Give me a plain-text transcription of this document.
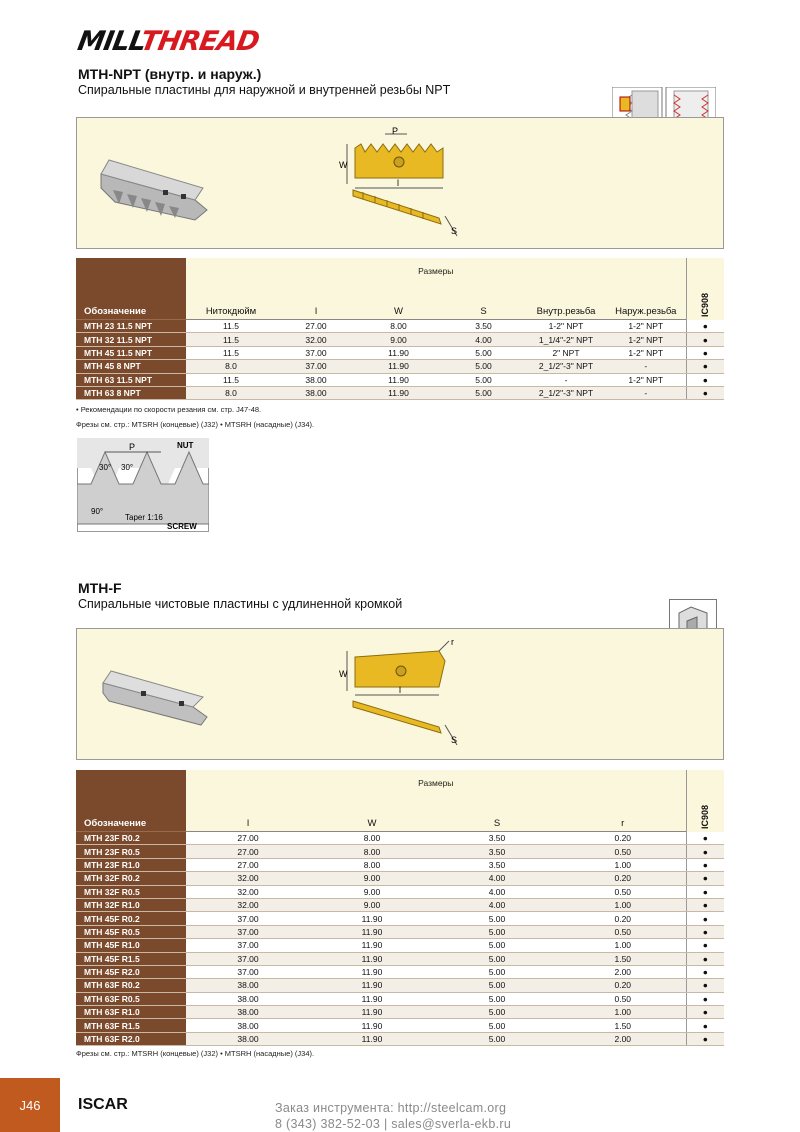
MILLTHREAD
MTH-NPT (внутр. и наруж.)
Спиральные пластины для наружной и внутренней резьбы NPT
W
P
l
S
	Размеры						IC908

Обозначение	Нитокдюйм	l	W	S	Внутр.резьба	Наруж.резьба	
MTH 23 11.5 NPT	11.5	27.00	8.00	3.50	1-2" NPT	1-2" NPT	●
MTH 32 11.5 NPT	11.5	32.00	9.00	4.00	1_1/4"-2" NPT	1-2" NPT	●
MTH 45 11.5 NPT	11.5	37.00	11.90	5.00	2" NPT	1-2" NPT	●
MTH 45 8 NPT	8.0	37.00	11.90	5.00	2_1/2"-3" NPT	-	●
MTH 63 11.5 NPT	11.5	38.00	11.90	5.00	-	1-2" NPT	●
MTH 63 8 NPT	8.0	38.00	11.90	5.00	2_1/2"-3" NPT	-	●
• Рекомендации по скорости резания см. стр. J47-48.
Фрезы см. стр.: MTSRH (концевые) (J32) • MTSRH (насадные) (J34).
P
30° 30°
NUT
90°
Taper 1:16
SCREW
MTH-F
Спиральные чистовые пластины с удлиненной кромкой
W
r
l
S
	Размеры				IC908

Обозначение	l	W	S	r	
MTH 23F R0.2	27.00	8.00	3.50	0.20	●
MTH 23F R0.5	27.00	8.00	3.50	0.50	●
MTH 23F R1.0	27.00	8.00	3.50	1.00	●
MTH 32F R0.2	32.00	9.00	4.00	0.20	●
MTH 32F R0.5	32.00	9.00	4.00	0.50	●
MTH 32F R1.0	32.00	9.00	4.00	1.00	●
MTH 45F R0.2	37.00	11.90	5.00	0.20	●
MTH 45F R0.5	37.00	11.90	5.00	0.50	●
MTH 45F R1.0	37.00	11.90	5.00	1.00	●
MTH 45F R1.5	37.00	11.90	5.00	1.50	●
MTH 45F R2.0	37.00	11.90	5.00	2.00	●
MTH 63F R0.2	38.00	11.90	5.00	0.20	●
MTH 63F R0.5	38.00	11.90	5.00	0.50	●
MTH 63F R1.0	38.00	11.90	5.00	1.00	●
MTH 63F R1.5	38.00	11.90	5.00	1.50	●
MTH 63F R2.0	38.00	11.90	5.00	2.00	●
Фрезы см. стр.: MTSRH (концевые) (J32) • MTSRH (насадные) (J34).
J46	ISCAR	Заказ инструмента: http://steelcam.org
8 (343) 382-52-03 | sales@sverla-ekb.ru
